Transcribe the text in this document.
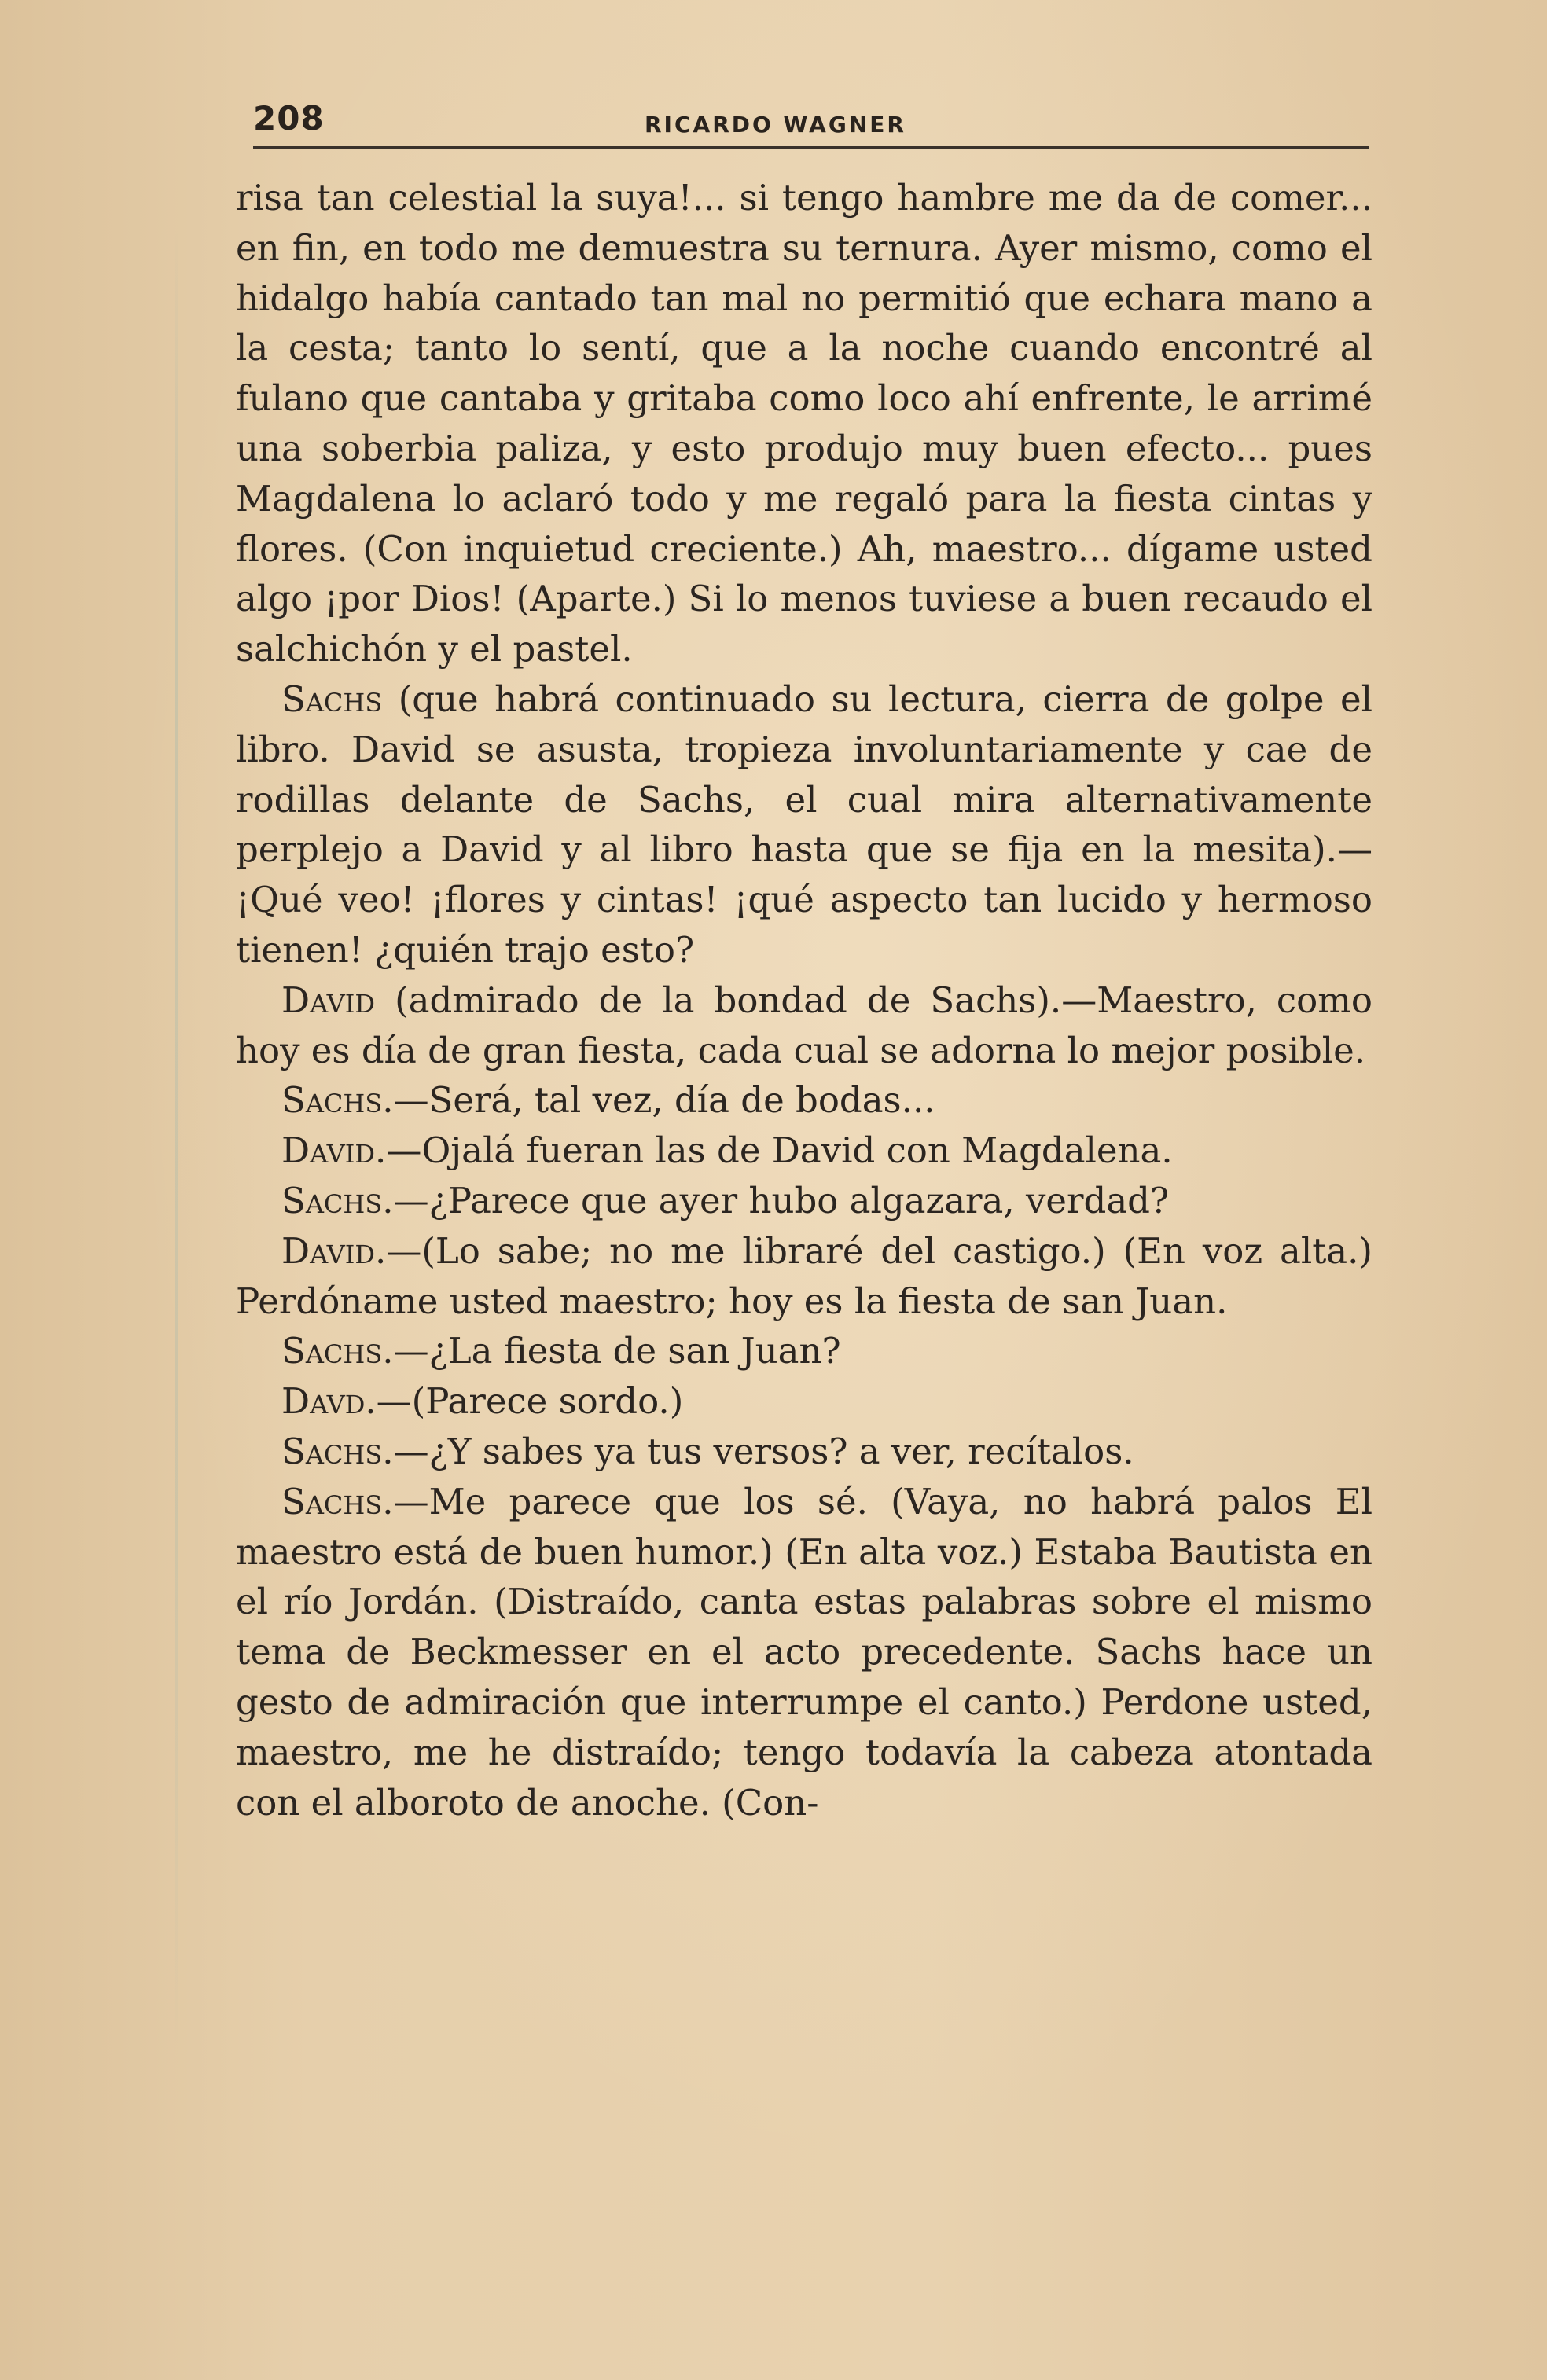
208	RICARDO WAGNER

risa tan celestial la suya!... si tengo hambre me da de comer... en fin, en todo me demuestra su ternura. Ayer mismo, como el hidalgo había cantado tan mal no permitió que echara mano a la cesta; tanto lo sentí, que a la noche cuando encontré al fulano que cantaba y gritaba como loco ahí enfrente, le arrimé una soberbia paliza, y esto produjo muy buen efecto... pues Magdalena lo aclaró todo y me regaló para la fiesta cintas y flores. (Con inquietud creciente.) Ah, maestro... dígame usted algo ¡por Dios! (Aparte.) Si lo menos tuviese a buen recaudo el salchichón y el pastel.

Sachs (que habrá continuado su lectura, cierra de golpe el libro. David se asusta, tropieza involuntariamente y cae de rodillas delante de Sachs, el cual mira alternativamente perplejo a David y al libro hasta que se fija en la mesita).—¡Qué veo! ¡flores y cintas! ¡qué aspecto tan lucido y hermoso tienen! ¿quién trajo esto?

David (admirado de la bondad de Sachs).—Maestro, como hoy es día de gran fiesta, cada cual se adorna lo mejor posible.

Sachs.—Será, tal vez, día de bodas...

David.—Ojalá fueran las de David con Magdalena.

Sachs.—¿Parece que ayer hubo algazara, verdad?

David.—(Lo sabe; no me libraré del castigo.) (En voz alta.) Perdóname usted maestro; hoy es la fiesta de san Juan.

Sachs.—¿La fiesta de san Juan?

Davd.—(Parece sordo.)

Sachs.—¿Y sabes ya tus versos? a ver, recítalos.

Sachs.—Me parece que los sé. (Vaya, no habrá palos El maestro está de buen humor.) (En alta voz.) Estaba Bautista en el río Jordán. (Distraído, canta estas palabras sobre el mismo tema de Beckmesser en el acto precedente. Sachs hace un gesto de admiración que interrumpe el canto.) Perdone usted, maestro, me he distraído; tengo todavía la cabeza atontada con el alboroto de anoche. (Con-
